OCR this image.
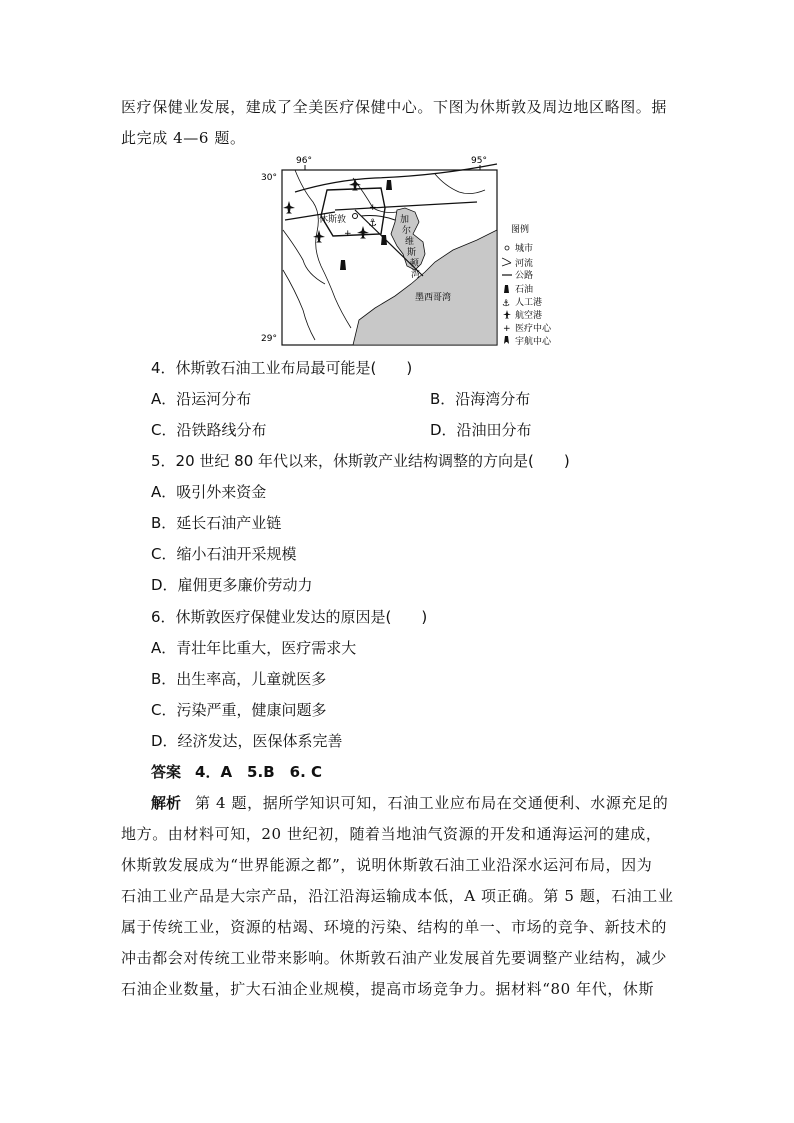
医疗保健业发展，建成了全美医疗保健中心。下图为休斯敦及周边地区略图。据
此完成 4—6 题。
96°	95°
30°
29°
休斯敦
+
+
⚓	加
尔
维
斯
顿
湾
墨西哥湾
图例
城市
河流
公路
石油
⚓ 人工港
航空港
+ 医疗中心
宇航中心
4．休斯敦石油工业布局最可能是(　　)
A．沿运河分布	B．沿海湾分布
C．沿铁路线分布	D．沿油田分布
5．20 世纪 80 年代以来，休斯敦产业结构调整的方向是(　　)
A．吸引外来资金
B．延长石油产业链
C．缩小石油开采规模
D．雇佣更多廉价劳动力
6．休斯敦医疗保健业发达的原因是(　　)
A．青壮年比重大，医疗需求大
B．出生率高，儿童就医多
C．污染严重，健康问题多
D．经济发达，医保体系完善
答案 4．A　5.B　6. C
解析 第 4 题，据所学知识可知，石油工业应布局在交通便利、水源充足的
地方。由材料可知，20 世纪初，随着当地油气资源的开发和通海运河的建成，
休斯敦发展成为“世界能源之都”，说明休斯敦石油工业沿深水运河布局，因为
石油工业产品是大宗产品，沿江沿海运输成本低，A 项正确。第 5 题，石油工业
属于传统工业，资源的枯竭、环境的污染、结构的单一、市场的竞争、新技术的
冲击都会对传统工业带来影响。休斯敦石油产业发展首先要调整产业结构，减少
石油企业数量，扩大石油企业规模，提高市场竞争力。据材料“80 年代，休斯
